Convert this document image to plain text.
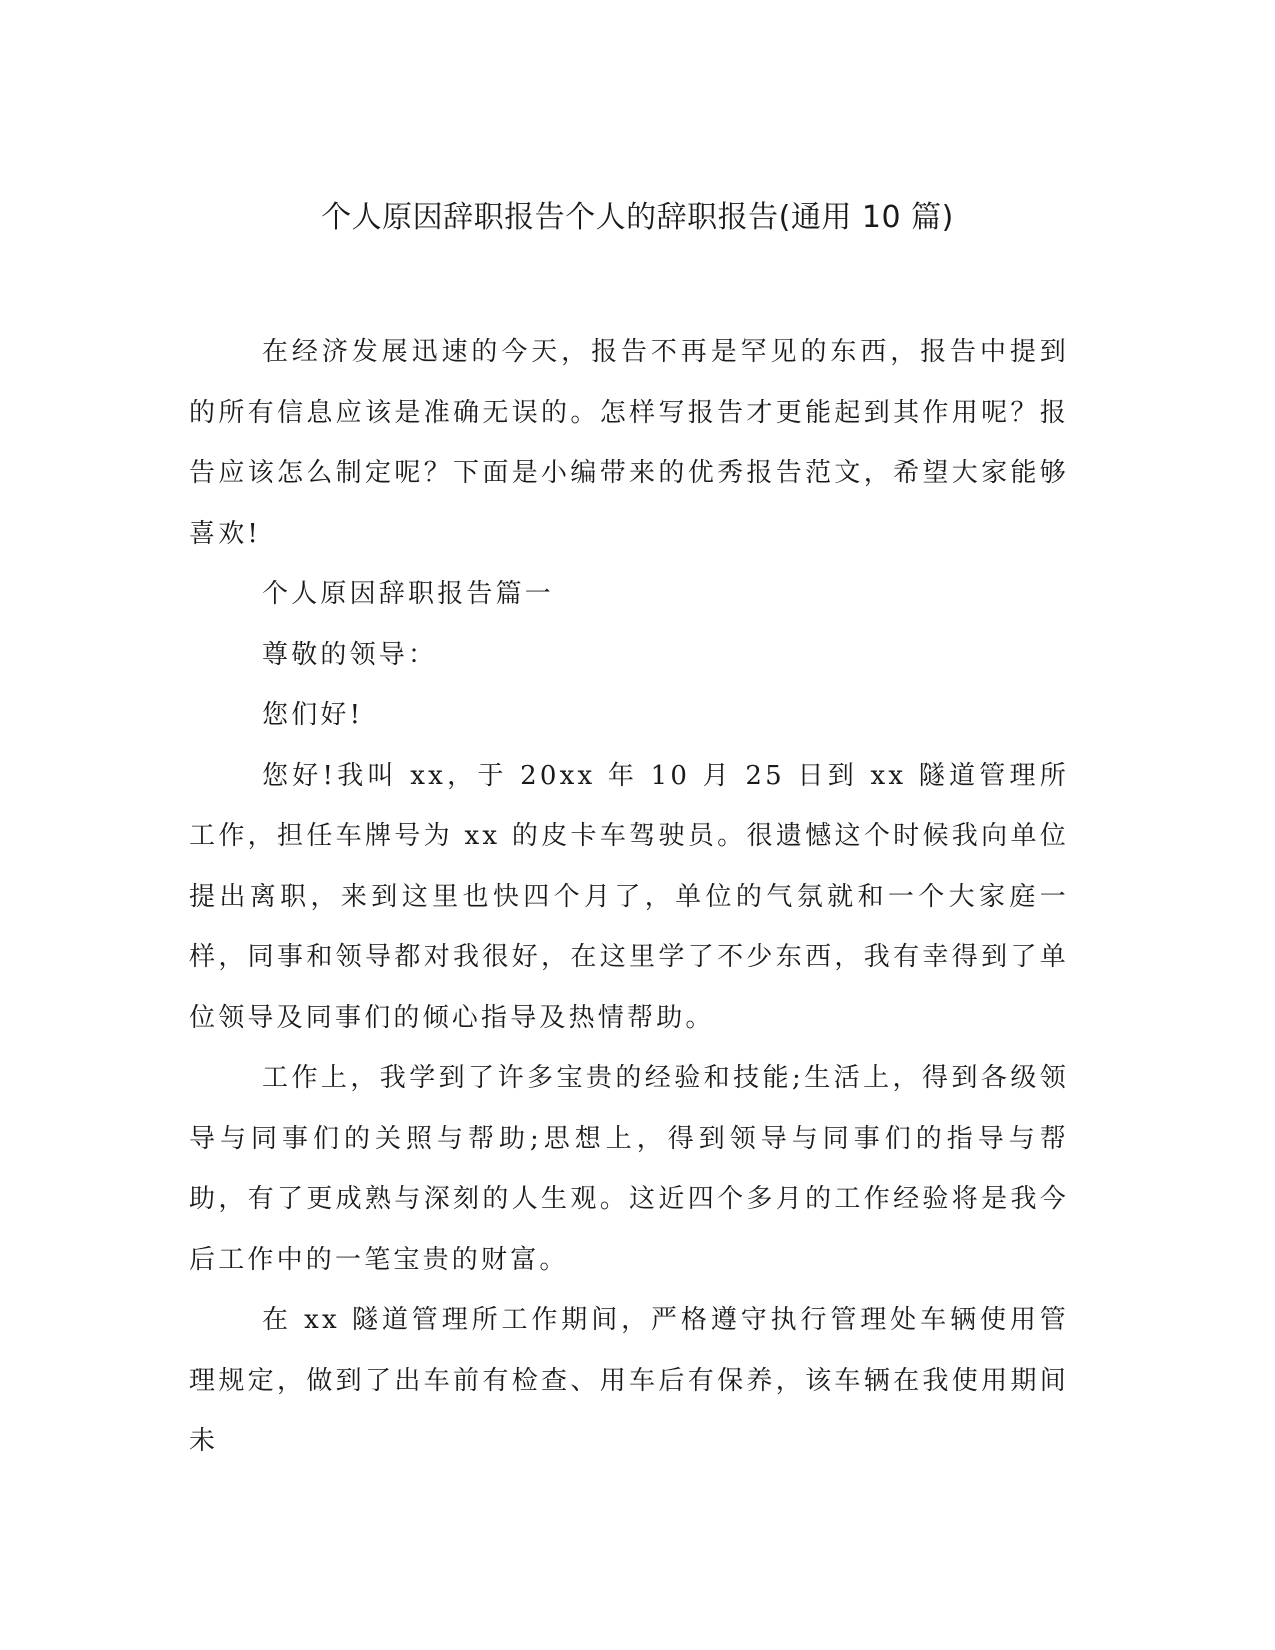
个人原因辞职报告个人的辞职报告(通用 10 篇)

在经济发展迅速的今天，报告不再是罕见的东西，报告中提到的所有信息应该是准确无误的。怎样写报告才更能起到其作用呢？报告应该怎么制定呢？下面是小编带来的优秀报告范文，希望大家能够喜欢!

个人原因辞职报告篇一

尊敬的领导：

您们好!

您好!我叫 xx，于 20xx 年 10 月 25 日到 xx 隧道管理所工作，担任车牌号为 xx 的皮卡车驾驶员。很遗憾这个时候我向单位提出离职，来到这里也快四个月了，单位的气氛就和一个大家庭一样，同事和领导都对我很好，在这里学了不少东西，我有幸得到了单位领导及同事们的倾心指导及热情帮助。

工作上，我学到了许多宝贵的经验和技能;生活上，得到各级领导与同事们的关照与帮助;思想上，得到领导与同事们的指导与帮助，有了更成熟与深刻的人生观。这近四个多月的工作经验将是我今后工作中的一笔宝贵的财富。

在 xx 隧道管理所工作期间，严格遵守执行管理处车辆使用管理规定，做到了出车前有检查、用车后有保养，该车辆在我使用期间未
